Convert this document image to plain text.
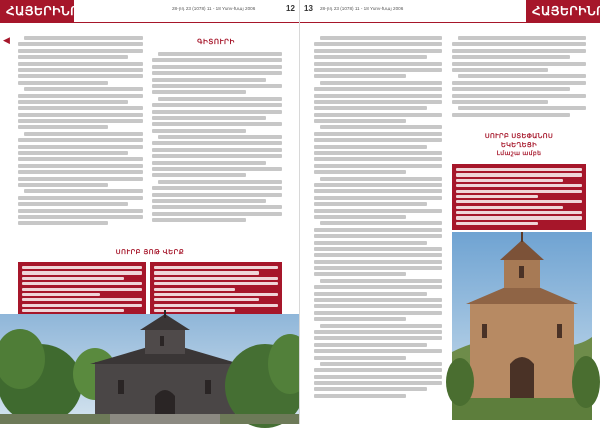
ՀԱՅԵՐԻՆՈՒ	28-րդ 23 (1078) 11 - 18 Yunv-Խայ 2006	12
◀	ԳԻՏՈՒՐԻ
ՍՈՒՐԲ ՅՈԹ ՎԵՐՔ
13 28-րդ 23 (1078) 11 - 18 Yunv-Խայ 2006	ՀԱՅԵՐԻՆՈՒ
ՍՈՒՐԲ ՍՏԵՓԱՆՈՍ
ԵԿԵՂԵՑԻ
Լմաշա ամբե
